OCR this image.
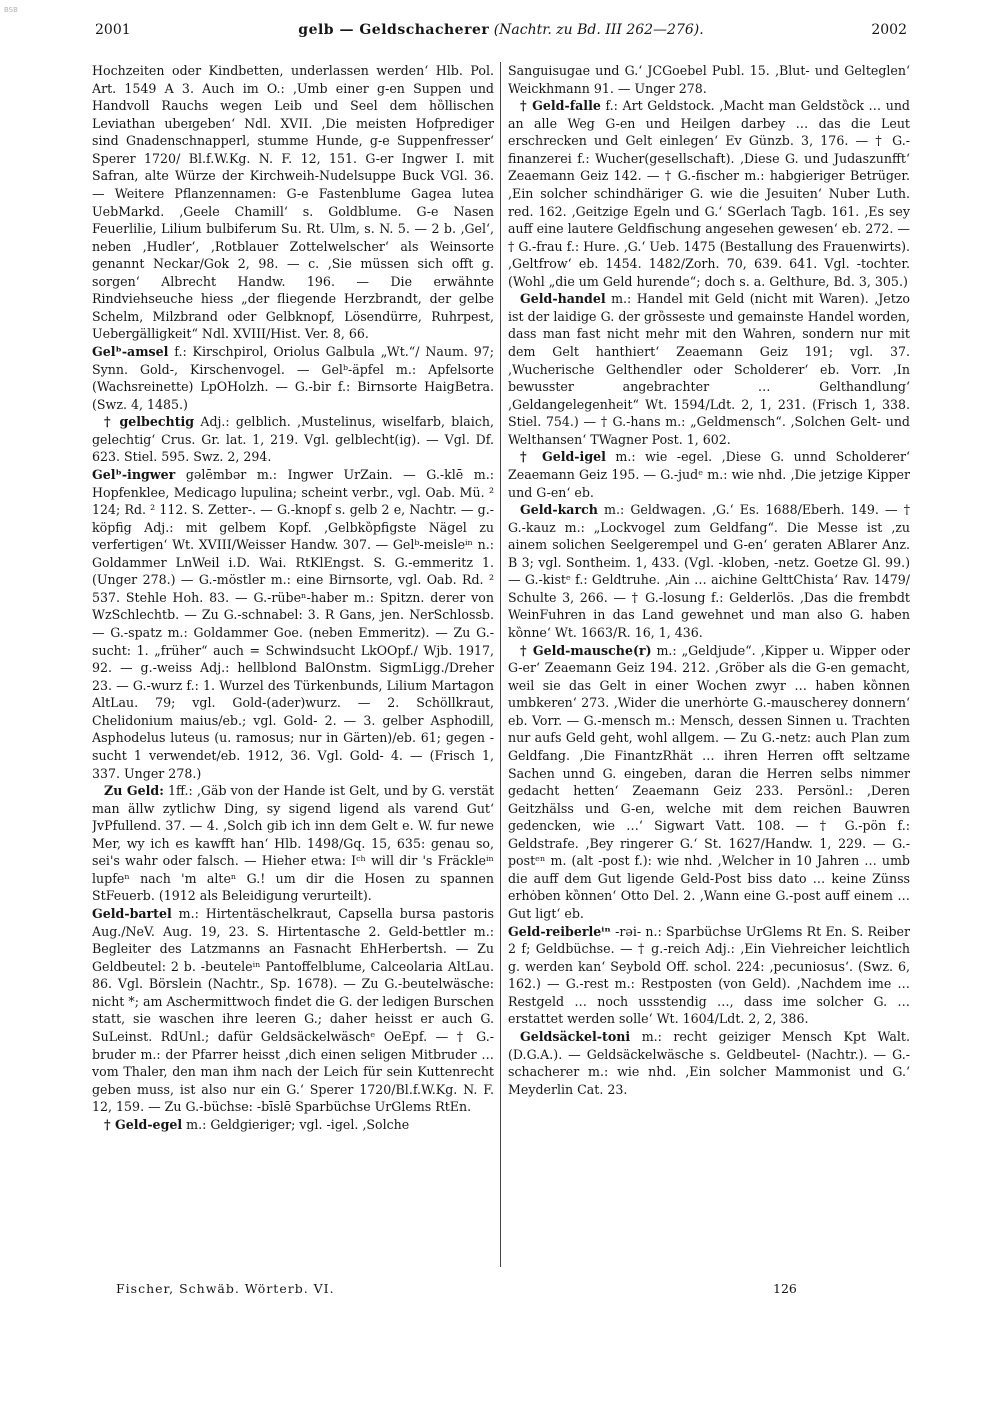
BSB
2001	gelb — Geldschacherer (Nachtr. zu Bd. III 262—276).	2002

Hochzeiten oder Kindbetten, underlassen werden‘ Hlb. Pol. Art. 1549 A 3. Auch im O.: ‚Umb einer g-en Suppen und Handvoll Rauchs wegen Leib und Seel dem hȍllischen Leviathan ubeɪgeben‘ Ndl. XVII. ‚Die meisten Hofprediger sind Gnadenschnapperl, stumme Hunde, g-e Suppenfresser‘ Sperer 1720/ Bl.f.W.Kg. N. F. 12, 151. G-er Ingwer I. mit Safran, alte Würze der Kirchweih-Nudelsuppe Buck VGl. 36. — Weitere Pflanzennamen: G-e Fastenblume Gagea lutea UebMarkd. ‚Geele Chamill‘ s. Goldblume. G-e Nasen Feuerlilie, Lilium bulbiferum Su. Rt. Ulm, s. N. 5. — 2 b. ‚Gel‘, neben ‚Hudler‘, ‚Rotblauer Zottelwelscher‘ als Weinsorte genannt Neckar/Gok 2, 98. — c. ‚Sie müssen sich offt g. sorgen‘ Albrecht Handw. 196. — Die erwähnte Rindviehseuche hiess „der fliegende Herzbrandt, der gelbe Schelm, Milzbrand oder Gelbknopf, Lösendürre, Ruhrpest, Uebergälligkeit“ Ndl. XVIII/Hist. Ver. 8, 66.

Gelᵇ-amsel f.: Kirschpirol, Oriolus Galbula „Wt.“/ Naum. 97; Synn. Gold-, Kirschenvogel. — Gelᵇ-äpfel m.: Apfelsorte (Wachsreinette) LpOHolzh. — G.-bir f.: Birnsorte HaigBetra. (Swz. 4, 1485.)

† gelbechtig Adj.: gelblich. ‚Mustelinus, wiselfarb, blaich, gelechtig‘ Crus. Gr. lat. 1, 219. Vgl. gelblecht(ig). — Vgl. Df. 623. Stiel. 595. Swz. 2, 294.

Gelᵇ-ingwer gəlēmbər m.: Ingwer UrZain. — G.-klē m.: Hopfenklee, Medicago lupulina; scheint verbr., vgl. Oab. Mü. ² 124; Rd. ² 112. S. Zetter-. — G.-knopf s. gelb 2 e, Nachtr. — g.-köpfig Adj.: mit gelbem Kopf. ‚Gelbkȍpfigste Nägel zu verfertigen‘ Wt. XVIII/Weisser Handw. 307. — Gelᵇ-meisleⁱⁿ n.: Goldammer LnWeil i.D. Wai. RtKlEngst. S. G.-emmeritz 1. (Unger 278.) — G.-möstler m.: eine Birnsorte, vgl. Oab. Rd. ² 537. Stehle Hoh. 83. — G.-rübeⁿ-haber m.: Spitzn. derer von WzSchlechtb. — Zu G.-schnabel: 3. R Gans, jen. NerSchlossb. — G.-spatz m.: Goldammer Goe. (neben Emmeritz). — Zu G.-sucht: 1. „früher“ auch = Schwindsucht LkOOpf./ Wjb. 1917, 92. — g.-weiss Adj.: hellblond BalOnstm. SigmLigg./Dreher 23. — G.-wurz f.: 1. Wurzel des Türkenbunds, Lilium Martagon AltLau. 79; vgl. Gold-(ader)wurz. — 2. Schöllkraut, Chelidonium maius/eb.; vgl. Gold- 2. — 3. gelber Asphodill, Asphodelus luteus (u. ramosus; nur in Gärten)/eb. 61; gegen -sucht 1 verwendet/eb. 1912, 36. Vgl. Gold- 4. — (Frisch 1, 337. Unger 278.)

Zu Geld: 1ff.: ‚Gäb von der Hande ist Gelt, und by G. verstät man ällw zytlichw Ding, sy sigend ligend als varend Gut‘ JvPfullend. 37. — 4. ‚Solch gib ich inn dem Gelt e. W. fur newe Mer, wy ich es kawfft han‘ Hlb. 1498/Gq. 15, 635: genau so, sei's wahr oder falsch. — Hieher etwa: Iᶜʰ will dir 's Fräckleⁱⁿ lupfeⁿ nach 'm alteⁿ G.! um dir die Hosen zu spannen StFeuerb. (1912 als Beleidigung verurteilt).

Geld-bartel m.: Hirtentäschelkraut, Capsella bursa pastoris Aug./NeV. Aug. 19, 23. S. Hirtentasche 2. Geld-bettler m.: Begleiter des Latzmanns an Fasnacht EhHerbertsh. — Zu Geldbeutel: 2 b. -beuteleⁱⁿ Pantoffelblume, Calceolaria AltLau. 86. Vgl. Börslein (Nachtr., Sp. 1678). — Zu G.-beutelwäsche: nicht *; am Aschermittwoch findet die G. der ledigen Burschen statt, sie waschen ihre leeren G.; daher heisst er auch G. SuLeinst. RdUnl.; dafür Geldsäckelwäschᵉ OeEpf. — † G.-bruder m.: der Pfarrer heisst ‚dich einen seligen Mitbruder … vom Thaler, den man ihm nach der Leich für sein Kuttenrecht geben muss, ist also nur ein G.‘ Sperer 1720/Bl.f.W.Kg. N. F. 12, 159. — Zu G.-büchse: -bīslē Sparbüchse UrGlems RtEn.

† Geld-egel m.: Geldgieriger; vgl. -igel. ‚Solche

Sanguisugae und G.‘ JCGoebel Publ. 15. ‚Blut- und Gelteglen‘ Weickhmann 91. — Unger 278.

† Geld-falle f.: Art Geldstock. ‚Macht man Geldstȍck … und an alle Weg G-en und Heilgen darbey … das die Leut erschrecken und Gelt einlegen‘ Ev Günzb. 3, 176. — † G.-finanzerei f.: Wucher(gesellschaft). ‚Diese G. und Judaszunfft‘ Zeaemann Geiz 142. — † G.-fischer m.: habgieriger Betrüger. ‚Ein solcher schindhäriger G. wie die Jesuiten‘ Nuber Luth. red. 162. ‚Geitzige Egeln und G.‘ SGerlach Tagb. 161. ‚Es sey auff eine lautere Geldfischung angesehen gewesen‘ eb. 272. — † G.-frau f.: Hure. ‚G.‘ Ueb. 1475 (Bestallung des Frauenwirts). ‚Geltfrow‘ eb. 1454. 1482/Zorh. 70, 639. 641. Vgl. -tochter. (Wohl „die um Geld hurende“; doch s. a. Gelthure, Bd. 3, 305.)

Geld-handel m.: Handel mit Geld (nicht mit Waren). ‚Jetzo ist der laidige G. der grȍsseste und gemainste Handel worden, dass man fast nicht mehr mit den Wahren, sondern nur mit dem Gelt hanthiert‘ Zeaemann Geiz 191; vgl. 37. ‚Wucherische Gelthendler oder Scholderer‘ eb. Vorr. ‚In bewusster angebrachter … Gelthandlung‘ ‚Geldangelegenheit“ Wt. 1594/Ldt. 2, 1, 231. (Frisch 1, 338. Stiel. 754.) — † G.-hans m.: „Geldmensch“. ‚Solchen Gelt- und Welthansen‘ TWagner Post. 1, 602.

† Geld-igel m.: wie -egel. ‚Diese G. unnd Scholderer‘ Zeaemann Geiz 195. — G.-judᵉ m.: wie nhd. ‚Die jetzige Kipper und G-en‘ eb.

Geld-karch m.: Geldwagen. ‚G.‘ Es. 1688/Eberh. 149. — † G.-kauz m.: „Lockvogel zum Geldfang“. Die Messe ist ‚zu ainem solichen Seelgerempel und G-en‘ geraten ABlarer Anz. B 3; vgl. Sontheim. 1, 433. (Vgl. -kloben, -netz. Goetze Gl. 99.) — G.-kistᵉ f.: Geldtruhe. ‚Ain … aichine GelttChista‘ Rav. 1479/ Schulte 3, 266. — † G.-losung f.: Gelderlös. ‚Das die frembdt WeinFuhren in das Land gewehnet und man also G. haben kȍnne‘ Wt. 1663/R. 16, 1, 436.

† Geld-mausche(r) m.: „Geldjude“. ‚Kipper u. Wipper oder G-er‘ Zeaemann Geiz 194. 212. ‚Gröber als die G-en gemacht, weil sie das Gelt in einer Wochen zwyr … haben kȍnnen umbkeren‘ 273. ‚Wider die unerhȯrte G.-mauscherey donnern‘ eb. Vorr. — G.-mensch m.: Mensch, dessen Sinnen u. Trachten nur aufs Geld geht, wohl allgem. — Zu G.-netz: auch Plan zum Geldfang. ‚Die FinantzRhät … ihren Herren offt seltzame Sachen unnd G. eingeben, daran die Herren selbs nimmer gedacht hetten‘ Zeaemann Geiz 233. Persönl.: ‚Deren Geitzhälss und G-en, welche mit dem reichen Bauwren gedencken, wie …‘ Sigwart Vatt. 108. — † G.-pön f.: Geldstrafe. ‚Bey ringerer G.‘ St. 1627/Handw. 1, 229. — G.-postᵉⁿ m. (alt -post f.): wie nhd. ‚Welcher in 10 Jahren … umb die auff dem Gut ligende Geld-Post biss dato … keine Zünss erhȯben kȍnnen‘ Otto Del. 2. ‚Wann eine G.-post auff einem … Gut ligt‘ eb.

Geld-reiberleⁱⁿ -rəi- n.: Sparbüchse UrGlems Rt En. S. Reiber 2 f; Geldbüchse. — † g.-reich Adj.: ‚Ein Viehreicher leichtlich g. werden kan‘ Seybold Off. schol. 224: ‚pecuniosus‘. (Swz. 6, 162.) — G.-rest m.: Restposten (von Geld). ‚Nachdem ime … Restgeld … noch ussstendig …, dass ime solcher G. … erstattet werden solle‘ Wt. 1604/Ldt. 2, 2, 386.

Geldsäckel-toni m.: recht geiziger Mensch Kpt Walt. (D.G.A.). — Geldsäckelwäsche s. Geldbeutel- (Nachtr.). — G.-schacherer m.: wie nhd. ‚Ein solcher Mammonist und G.‘ Meyderlin Cat. 23.

Fischer, Schwäb. Wörterb. VI.	126
